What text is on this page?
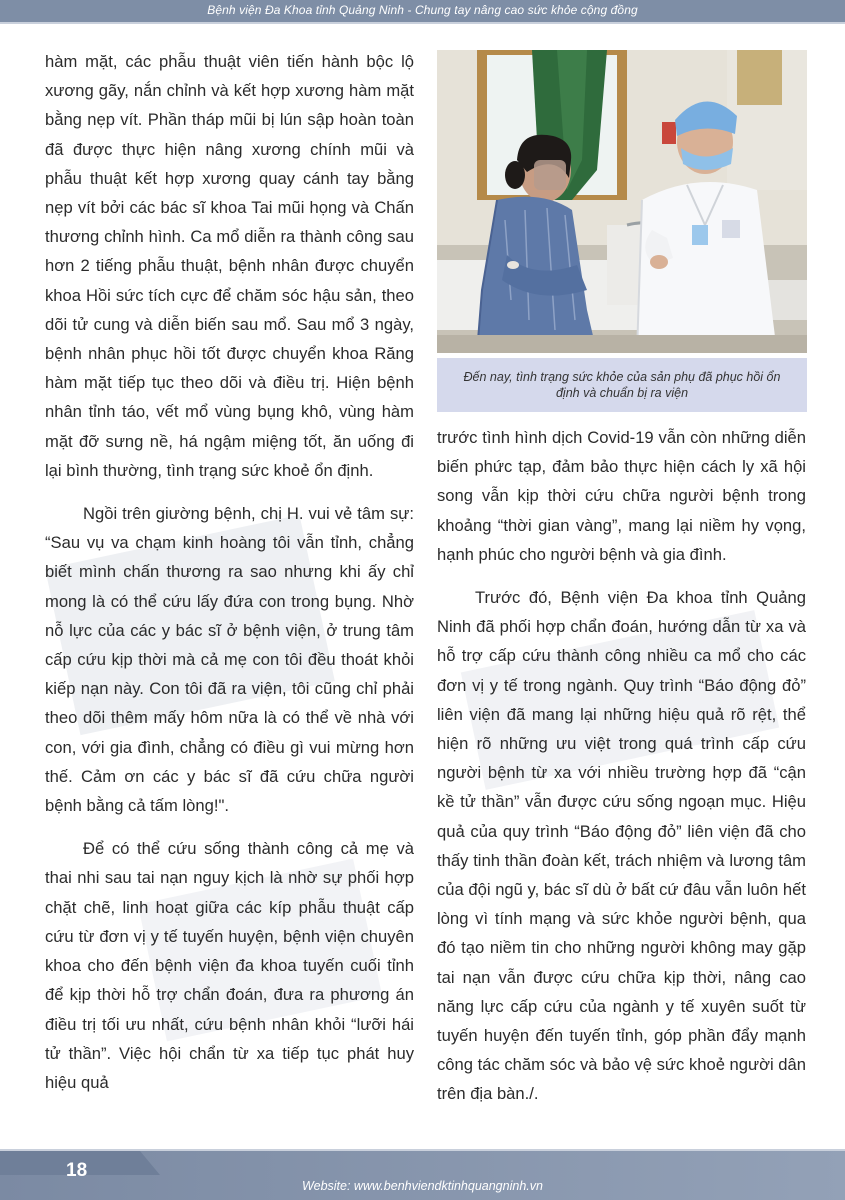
Bệnh viện Đa Khoa tỉnh Quảng Ninh - Chung tay nâng cao sức khỏe cộng đồng

hàm mặt, các phẫu thuật viên tiến hành bộc lộ xương gãy, nắn chỉnh và kết hợp xương hàm mặt bằng nẹp vít. Phần tháp mũi bị lún sập hoàn toàn đã được thực hiện nâng xương chính mũi và phẫu thuật kết hợp xương quay cánh tay bằng nẹp vít bởi các bác sĩ khoa Tai mũi họng và Chấn thương chỉnh hình. Ca mổ diễn ra thành công sau hơn 2 tiếng phẫu thuật, bệnh nhân được chuyển khoa Hồi sức tích cực để chăm sóc hậu sản, theo dõi tử cung và diễn biến sau mổ. Sau mổ 3 ngày, bệnh nhân phục hồi tốt được chuyển khoa Răng hàm mặt tiếp tục theo dõi và điều trị. Hiện bệnh nhân tỉnh táo, vết mổ vùng bụng khô, vùng hàm mặt đỡ sưng nề, há ngậm miệng tốt, ăn uống đi lại bình thường, tình trạng sức khoẻ ổn định.

Ngồi trên giường bệnh, chị H. vui vẻ tâm sự: “Sau vụ va chạm kinh hoàng tôi vẫn tỉnh, chẳng biết mình chấn thương ra sao nhưng khi ấy chỉ mong là có thể cứu lấy đứa con trong bụng. Nhờ nỗ lực của các y bác sĩ ở bệnh viện, ở trung tâm cấp cứu kịp thời mà cả mẹ con tôi đều thoát khỏi kiếp nạn này. Con tôi đã ra viện, tôi cũng chỉ phải theo dõi thêm mấy hôm nữa là có thể về nhà với con, với gia đình, chẳng có điều gì vui mừng hơn thế. Cảm ơn các y bác sĩ đã cứu chữa người bệnh bằng cả tấm lòng!".

Để có thể cứu sống thành công cả mẹ và thai nhi sau tai nạn nguy kịch là nhờ sự phối hợp chặt chẽ, linh hoạt giữa các kíp phẫu thuật cấp cứu từ đơn vị y tế tuyến huyện, bệnh viện chuyên khoa cho đến bệnh viện đa khoa tuyến cuối tỉnh để kịp thời hỗ trợ chẩn đoán, đưa ra phương án điều trị tối ưu nhất, cứu bệnh nhân khỏi “lưỡi hái tử thần”. Việc hội chẩn từ xa tiếp tục phát huy hiệu quả

Đến nay, tình trạng sức khỏe của sản phụ đã phục hồi ổn định và chuẩn bị ra viện

trước tình hình dịch Covid-19 vẫn còn những diễn biến phức tạp, đảm bảo thực hiện cách ly xã hội song vẫn kịp thời cứu chữa người bệnh trong khoảng “thời gian vàng”, mang lại niềm hy vọng, hạnh phúc cho người bệnh và gia đình.

Trước đó, Bệnh viện Đa khoa tỉnh Quảng Ninh đã phối hợp chẩn đoán, hướng dẫn từ xa và hỗ trợ cấp cứu thành công nhiều ca mổ cho các đơn vị y tế trong ngành. Quy trình “Báo động đỏ” liên viện đã mang lại những hiệu quả rõ rệt, thể hiện rõ những ưu việt trong quá trình cấp cứu người bệnh từ xa với nhiều trường hợp đã “cận kề tử thần” vẫn được cứu sống ngoạn mục. Hiệu quả của quy trình “Báo động đỏ” liên viện đã cho thấy tinh thần đoàn kết, trách nhiệm và lương tâm của đội ngũ y, bác sĩ dù ở bất cứ đâu vẫn luôn hết lòng vì tính mạng và sức khỏe người bệnh, qua đó tạo niềm tin cho những người không may gặp tai nạn vẫn được cứu chữa kịp thời, nâng cao năng lực cấp cứu của ngành y tế xuyên suốt từ tuyến huyện đến tuyến tỉnh, góp phần đẩy mạnh công tác chăm sóc và bảo vệ sức khoẻ người dân trên địa bàn./.

18
Website: www.benhviendktinhquangninh.vn
